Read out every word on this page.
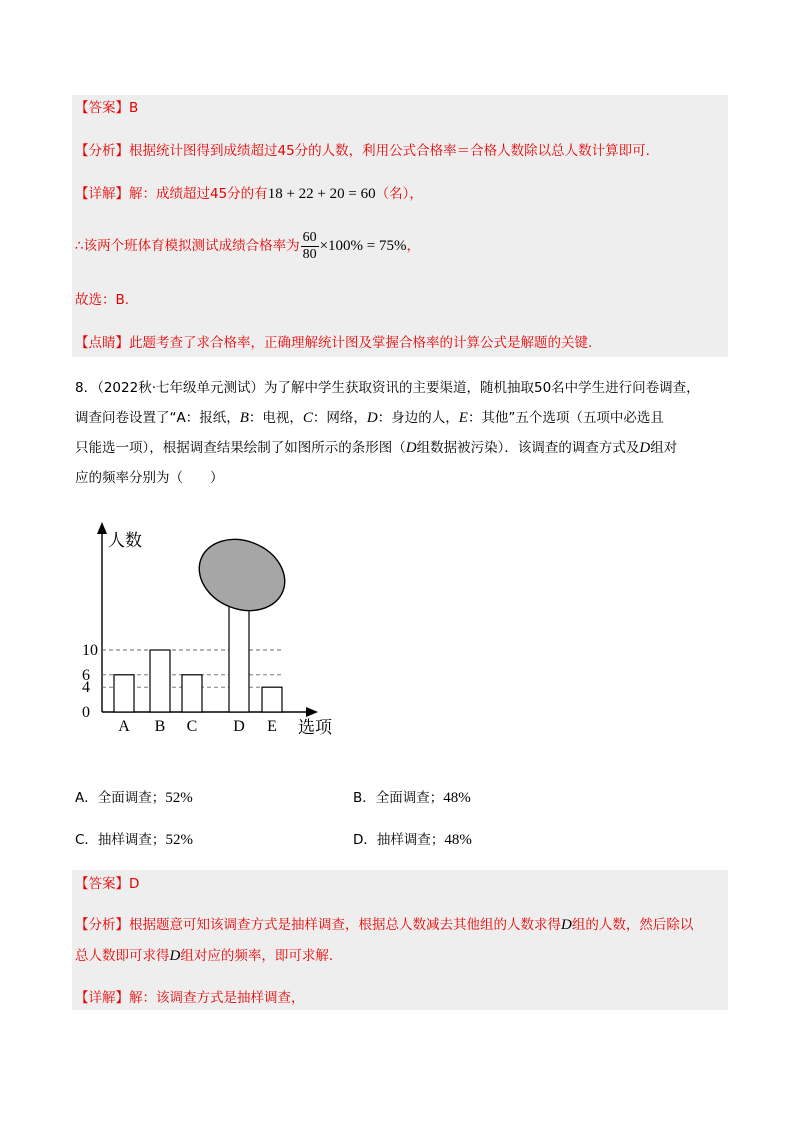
【答案】B
【分析】根据统计图得到成绩超过45分的人数，利用公式合格率＝合格人数除以总人数计算即可.
【详解】解：成绩超过45分的有18 + 22 + 20 = 60（名），
∴该两个班体育模拟测试成绩合格率为 $\frac{60}{80} \times 100\% = 75\%$，
故选：B.
【点睛】此题考查了求合格率，正确理解统计图及掌握合格率的计算公式是解题的关键.
8．（2022秋·七年级单元测试）为了解中学生获取资讯的主要渠道，随机抽取50名中学生进行问卷调查，
调查问卷设置了“A：报纸，B：电视，C：网络，D：身边的人，E：其他”五个选项（五项中必选且
只能选一项），根据调查结果绘制了如图所示的条形图（D组数据被污染）．该调查的调查方式及D组对
应的频率分别为（　　）
人数
选项
0
4
6
10
A B C D E
A．全面调查；52%	B．全面调查；48%
C．抽样调查；52%	D．抽样调查；48%
【答案】D
【分析】根据题意可知该调查方式是抽样调查，根据总人数减去其他组的人数求得D组的人数，然后除以
总人数即可求得D组对应的频率，即可求解.
【详解】解：该调查方式是抽样调查，
